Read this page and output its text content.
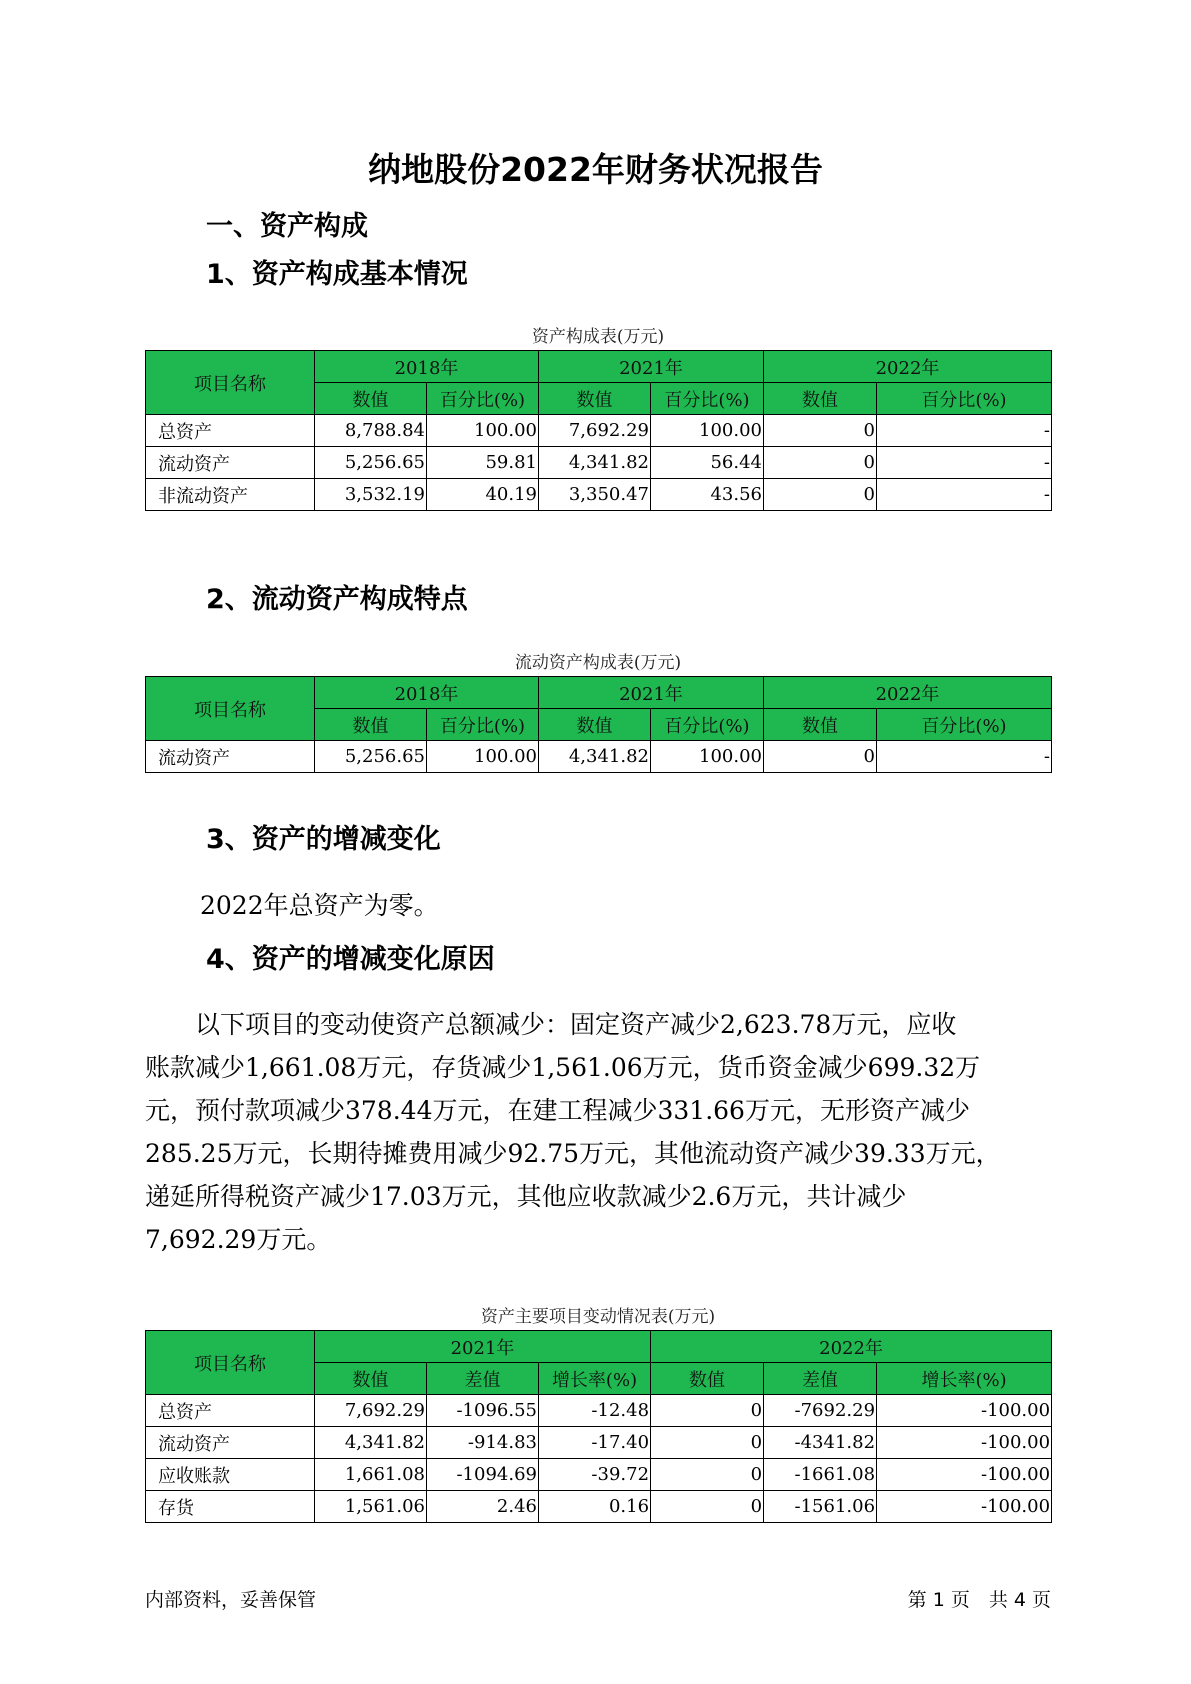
纳地股份2022年财务状况报告
一、资产构成
1、资产构成基本情况
资产构成表(万元)
项目名称	2018年		2021年		2022年	
	数值	百分比(%)	数值	百分比(%)	数值	百分比(%)
总资产	8,788.84	100.00	7,692.29	100.00	0	-
流动资产	5,256.65	59.81	4,341.82	56.44	0	-
非流动资产	3,532.19	40.19	3,350.47	43.56	0	-
2、流动资产构成特点
流动资产构成表(万元)
项目名称	2018年		2021年		2022年	
	数值	百分比(%)	数值	百分比(%)	数值	百分比(%)
流动资产	5,256.65	100.00	4,341.82	100.00	0	-
3、资产的增减变化
2022年总资产为零。
4、资产的增减变化原因
　　以下项目的变动使资产总额减少：固定资产减少2,623.78万元，应收
账款减少1,661.08万元，存货减少1,561.06万元，货币资金减少699.32万
元，预付款项减少378.44万元，在建工程减少331.66万元，无形资产减少
285.25万元，长期待摊费用减少92.75万元，其他流动资产减少39.33万元，
递延所得税资产减少17.03万元，其他应收款减少2.6万元，共计减少
7,692.29万元。
资产主要项目变动情况表(万元)
项目名称	2021年			2022年		
	数值	差值	增长率(%)	数值	差值	增长率(%)
总资产	7,692.29	-1096.55	-12.48	0	-7692.29	-100.00
流动资产	4,341.82	-914.83	-17.40	0	-4341.82	-100.00
应收账款	1,661.08	-1094.69	-39.72	0	-1661.08	-100.00
存货	1,561.06	2.46	0.16	0	-1561.06	-100.00
内部资料，妥善保管	第 1 页　共 4 页
